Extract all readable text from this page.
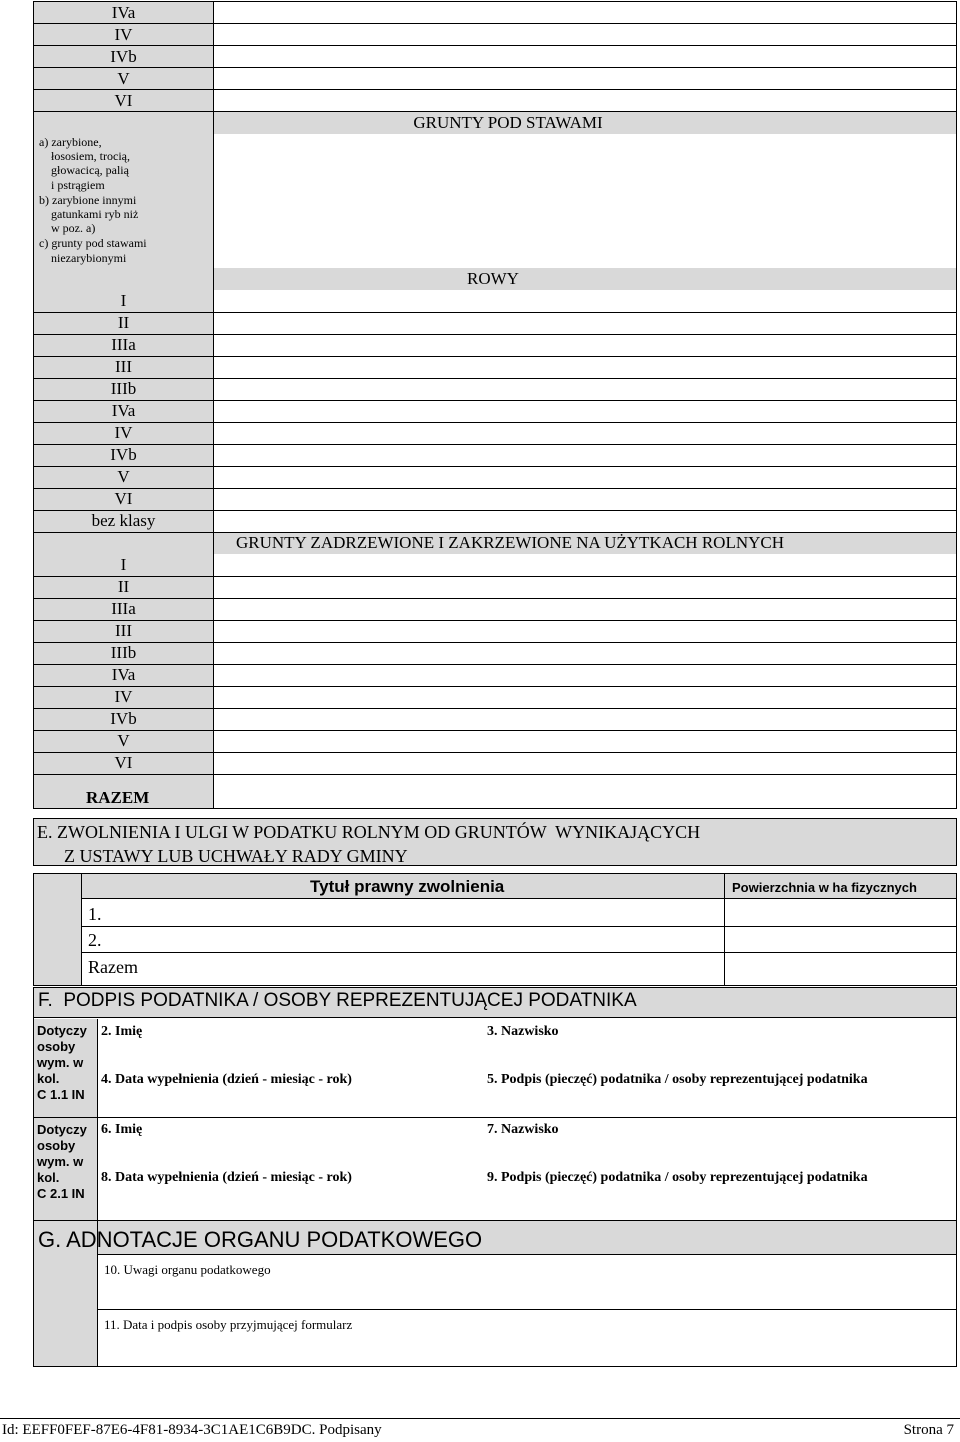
IVa
IV
IVb
V
VI
GRUNTY POD STAWAMI
a) zarybione,
łososiem, trocią,
głowacicą, palią
i pstrągiem
b) zarybione innymi
gatunkami ryb niż
w poz. a)
c) grunty pod stawami
niezarybionymi
ROWY
I
II
IIIa
III
IIIb
IVa
IV
IVb
V
VI
bez klasy
GRUNTY ZADRZEWIONE I ZAKRZEWIONE NA UŻYTKACH ROLNYCH
I
II
IIIa
III
IIIb
IVa
IV
IVb
V
VI
RAZEM
E. ZWOLNIENIA I ULGI W PODATKU ROLNYM OD GRUNTÓW  WYNIKAJĄCYCH
Z USTAWY LUB UCHWAŁY RADY GMINY
Tytuł prawny zwolnienia	Powierzchnia w ha fizycznych
1.
2.
Razem
F.  PODPIS PODATNIKA / OSOBY REPREZENTUJĄCEJ PODATNIKA
Dotyczy
osoby
wym. w
kol.
C 1.1 IN
Dotyczy
osoby
wym. w
kol.
C 2.1 IN
2. Imię	3. Nazwisko
4. Data wypełnienia (dzień - miesiąc - rok)	5. Podpis (pieczęć) podatnika / osoby reprezentującej podatnika
6. Imię	7. Nazwisko
8. Data wypełnienia (dzień - miesiąc - rok)	9. Podpis (pieczęć) podatnika / osoby reprezentującej podatnika
G. ADNOTACJE ORGANU PODATKOWEGO
10. Uwagi organu podatkowego
11. Data i podpis osoby przyjmującej formularz
Id: EEFF0FEF-87E6-4F81-8934-3C1AE1C6B9DC. Podpisany	Strona 7
